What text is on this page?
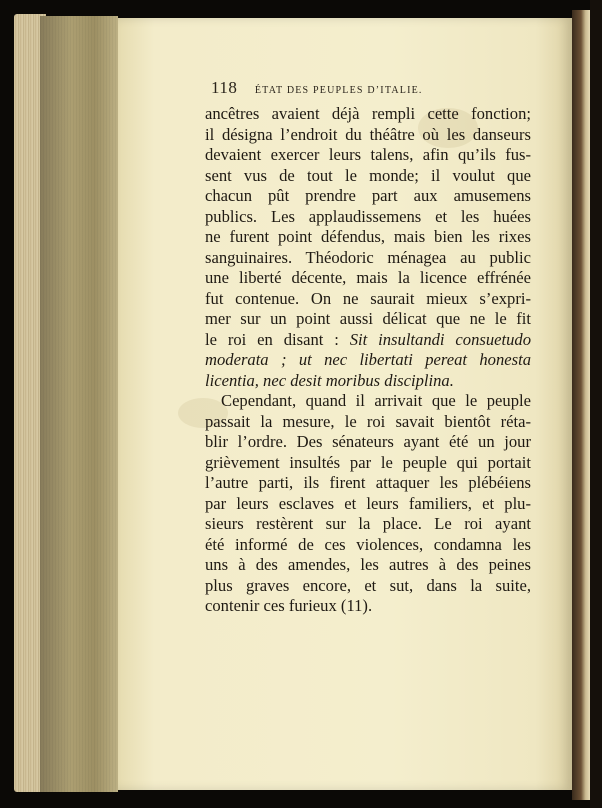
118 ÉTAT DES PEUPLES D’ITALIE.
ancêtres avaient déjà rempli cette fonction;
il désigna l’endroit du théâtre où les danseurs
devaient exercer leurs talens, afin qu’ils fus-
sent vus de tout le monde; il voulut que
chacun pût prendre part aux amusemens
publics. Les applaudissemens et les huées
ne furent point défendus, mais bien les rixes
sanguinaires. Théodoric ménagea au public
une liberté décente, mais la licence effrénée
fut contenue. On ne saurait mieux s’expri-
mer sur un point aussi délicat que ne le fit
le roi en disant : Sit insultandi consuetudo
moderata ; ut nec libertati pereat honesta
licentia, nec desit moribus disciplina.
Cependant, quand il arrivait que le peuple
passait la mesure, le roi savait bientôt réta-
blir l’ordre. Des sénateurs ayant été un jour
grièvement insultés par le peuple qui portait
l’autre parti, ils firent attaquer les plébéiens
par leurs esclaves et leurs familiers, et plu-
sieurs restèrent sur la place. Le roi ayant
été informé de ces violences, condamna les
uns à des amendes, les autres à des peines
plus graves encore, et sut, dans la suite,
contenir ces furieux (11).
